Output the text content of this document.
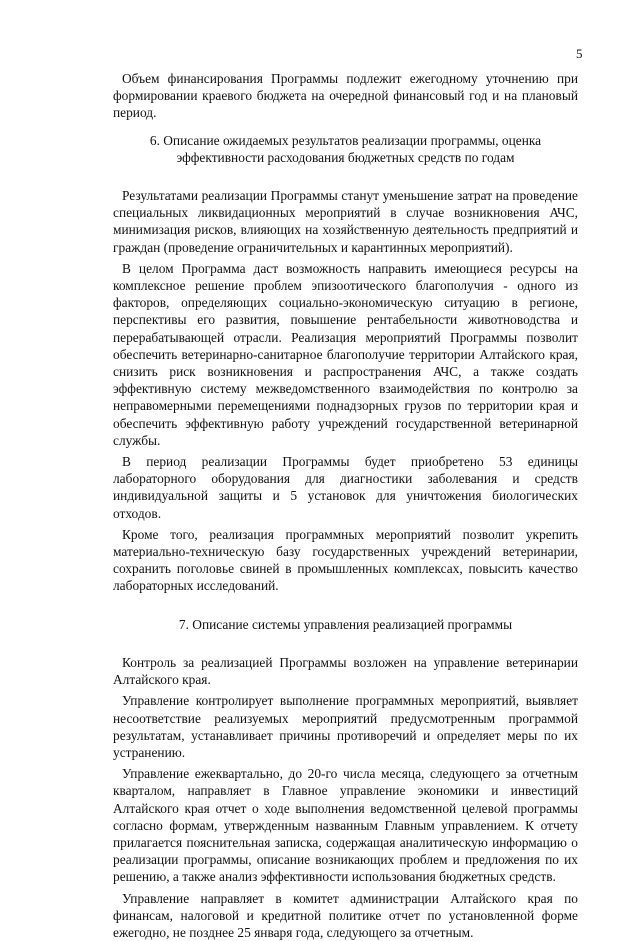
5

Объем финансирования Программы подлежит ежегодному уточнению при формировании краевого бюджета на очередной финансовый год и на плановый период.

6. Описание ожидаемых результатов реализации программы, оценка
эффективности расходования бюджетных средств по годам

Результатами реализации Программы станут уменьшение затрат на проведение специальных ликвидационных мероприятий в случае возникновения АЧС, минимизация рисков, влияющих на хозяйственную деятельность предприятий и граждан (проведение ограничительных и карантинных мероприятий).

В целом Программа даст возможность направить имеющиеся ресурсы на комплексное решение проблем эпизоотического благополучия - одного из факторов, определяющих социально-экономическую ситуацию в регионе, перспективы его развития, повышение рентабельности животноводства и перерабатывающей отрасли. Реализация мероприятий Программы позволит обеспечить ветеринарно-санитарное благополучие территории Алтайского края, снизить риск возникновения и распространения АЧС, а также создать эффективную систему межведомственного взаимодействия по контролю за неправомерными перемещениями поднадзорных грузов по территории края и обеспечить эффективную работу учреждений государственной ветеринарной службы.

В период реализации Программы будет приобретено 53 единицы лабораторного оборудования для диагностики заболевания и средств индивидуальной защиты и 5 установок для уничтожения биологических отходов.

Кроме того, реализация программных мероприятий позволит укрепить материально-техническую базу государственных учреждений ветеринарии, сохранить поголовье свиней в промышленных комплексах, повысить качество лабораторных исследований.

7. Описание системы управления реализацией программы

Контроль за реализацией Программы возложен на управление ветеринарии Алтайского края.

Управление контролирует выполнение программных мероприятий, выявляет несоответствие реализуемых мероприятий предусмотренным программой результатам, устанавливает причины противоречий и определяет меры по их устранению.

Управление ежеквартально, до 20-го числа месяца, следующего за отчетным кварталом, направляет в Главное управление экономики и инвестиций Алтайского края отчет о ходе выполнения ведомственной целевой программы согласно формам, утвержденным названным Главным управлением. К отчету прилагается пояснительная записка, содержащая аналитическую информацию о реализации программы, описание возникающих проблем и предложения по их решению, а также анализ эффективности использования бюджетных средств.

Управление направляет в комитет администрации Алтайского края по финансам, налоговой и кредитной политике отчет по установленной форме ежегодно, не позднее 25 января года, следующего за отчетным.
